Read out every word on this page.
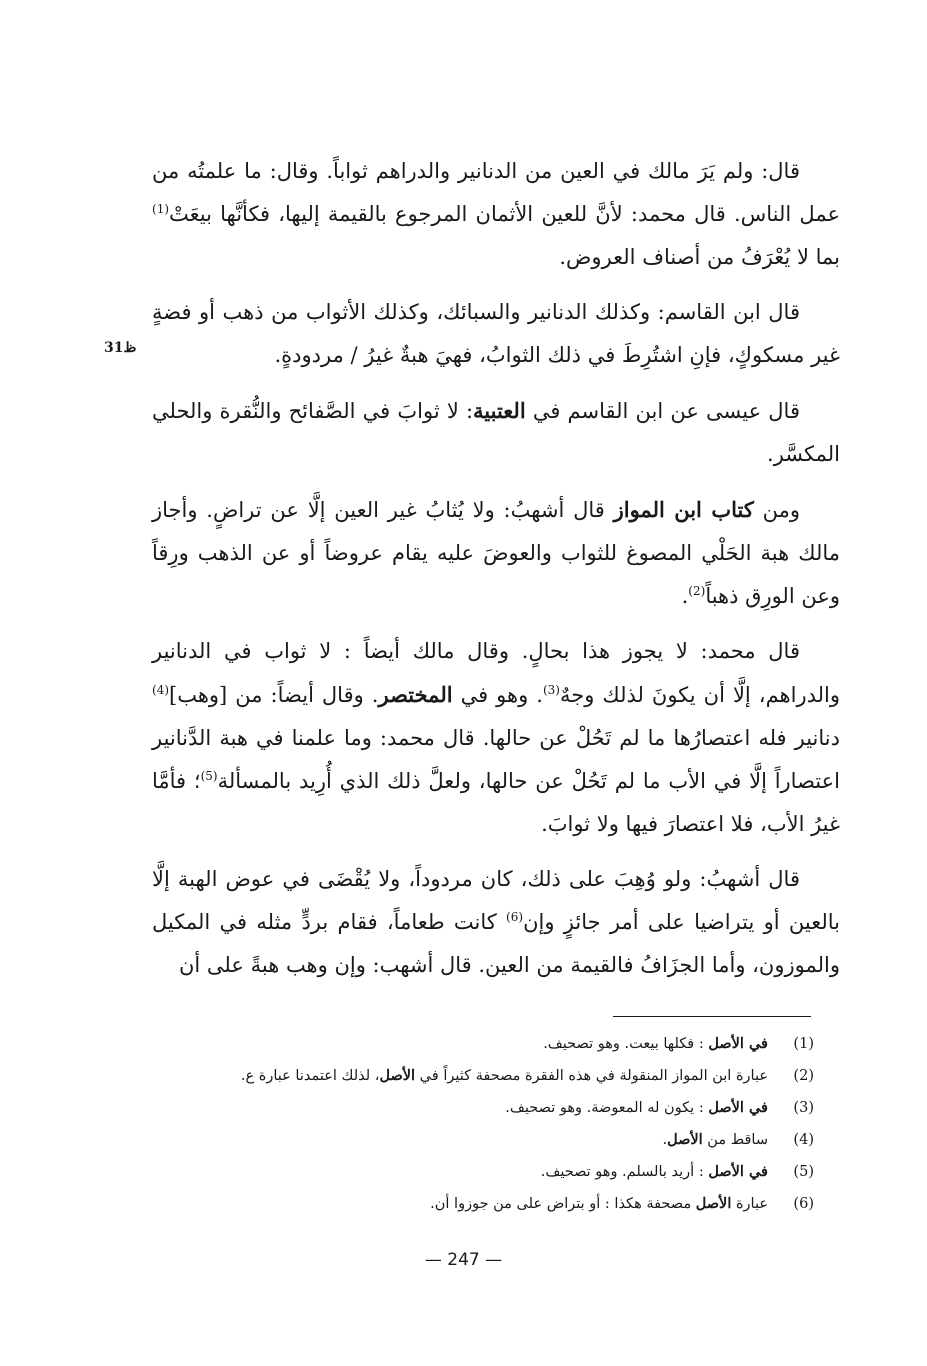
قال: ولم يَرَ مالك في العين من الدنانير والدراهم ثواباً. وقال: ما علمتُه من عمل الناس. قال محمد: لأنَّ للعين الأثمان المرجوع بالقيمة إليها، فكأنَّها بيعَتْ$^{(1)}$ بما لا يُعْرَفُ من أصناف العروض.

قال ابن القاسم: وكذلك الدنانير والسبائك، وكذلك الأثواب من ذهب أو فضةٍ غير مسكوكٍ، فإنِ اشتُرِطَ في ذلك الثوابُ، فهيَ هبةٌ غيرُ / مردودةٍ.

قال عيسى عن ابن القاسم في العتبية: لا ثوابَ في الصَّفائح والنُّقرة والحلي المكسَّر.

ومن كتاب ابن المواز قال أشهبُ: ولا يُثابُ غير العين إلَّا عن تراضٍ. وأجاز مالك هبة الحَلْي المصوغ للثواب والعوضَ عليه يقام عروضاً أو عن الذهب ورِقاً وعن الورِق ذهباً$^{(2)}$.

قال محمد: لا يجوز هذا بحالٍ. وقال مالك أيضاً : لا ثواب في الدنانير والدراهم، إلَّا أن يكونَ لذلك وجهٌ$^{(3)}$. وهو في المختصر. وقال أيضاً: من [وهب]$^{(4)}$ دنانير فله اعتصارُها ما لم تَحُلْ عن حالها. قال محمد: وما علمنا في هبة الدَّنانير اعتصاراً إلَّا في الأب ما لم تَحُلْ عن حالها، ولعلَّ ذلك الذي أُرِيد بالمسألة$^{(5)}$؛ فأمَّا غيرُ الأب، فلا اعتصارَ فيها ولا ثوابَ.

قال أشهبُ: ولو وُهِبَ على ذلك، كان مردوداً، ولا يُقْضَى في عوض الهبة إلَّا بالعين أو يتراضيا على أمر جائزٍ وإن$^{(6)}$ كانت طعاماً، فقام بردٍّ مثله في المكيل والموزون، وأما الجزَافُ فالقيمة من العين. قال أشهب: وإن وهب هبةً على أن

ظ31
(1)
في الأصل : فكلها بيعت. وهو تصحيف.
(2)
عبارة ابن المواز المنقولة في هذه الفقرة مصحفة كثيراً في الأصل، لذلك اعتمدنا عبارة ع.
(3)
في الأصل : يكون له المعوضة. وهو تصحيف.
(4)
ساقط من الأصل.
(5)
في الأصل : أريد بالسلم. وهو تصحيف.
(6)
عبارة الأصل مصحفة هكذا : أو بتراض على من جوزوا أن.
— 247 —
